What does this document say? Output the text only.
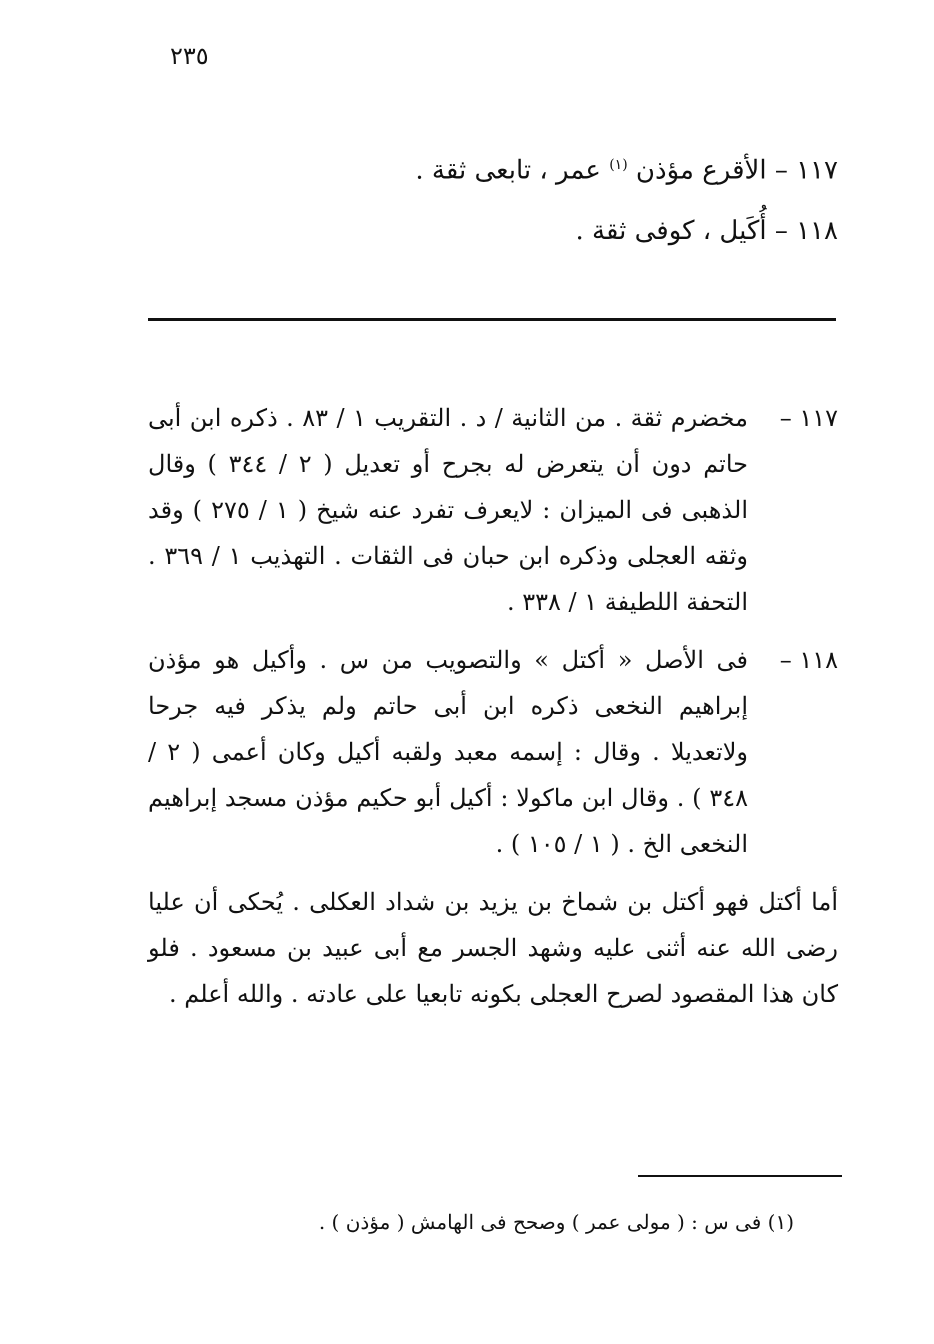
٢٣٥
١١٧ – الأقرع مؤذن $^{(١)}$ عمر ، تابعى ثقة .
١١٨ – أُكَيل ، كوفى ثقة .
١١٧ –
مخضرم ثقة . من الثانية / د . التقريب ١ / ٨٣ . ذكره ابن أبى حاتم دون أن يتعرض له بجرح أو تعديل ( ٢ / ٣٤٤ ) وقال الذهبى فى الميزان : لايعرف تفرد عنه شيخ ( ١ / ٢٧٥ ) وقد وثقه العجلى وذكره ابن حبان فى الثقات . التهذيب ١ / ٣٦٩ . التحفة اللطيفة ١ / ٣٣٨ .
١١٨ –
فى الأصل « أكتل » والتصويب من س . وأكيل هو مؤذن إبراهيم النخعى ذكره ابن أبى حاتم ولم يذكر فيه جرحا ولاتعديلا . وقال : إسمه معبد ولقبه أكيل وكان أعمى ( ٢ / ٣٤٨ ) . وقال ابن ماكولا : أكيل أبو حكيم مؤذن مسجد إبراهيم النخعى الخ . ( ١ / ١٠٥ ) .

أما أكتل فهو أكتل بن شماخ بن يزيد بن شداد العكلى . يُحكى أن عليا رضى الله عنه أثنى عليه وشهد الجسر مع أبى عبيد بن مسعود . فلو كان هذا المقصود لصرح العجلى بكونه تابعيا على عادته . والله أعلم .

(١) فى س : ( مولى عمر ) وصحح فى الهامش ( مؤذن ) .
